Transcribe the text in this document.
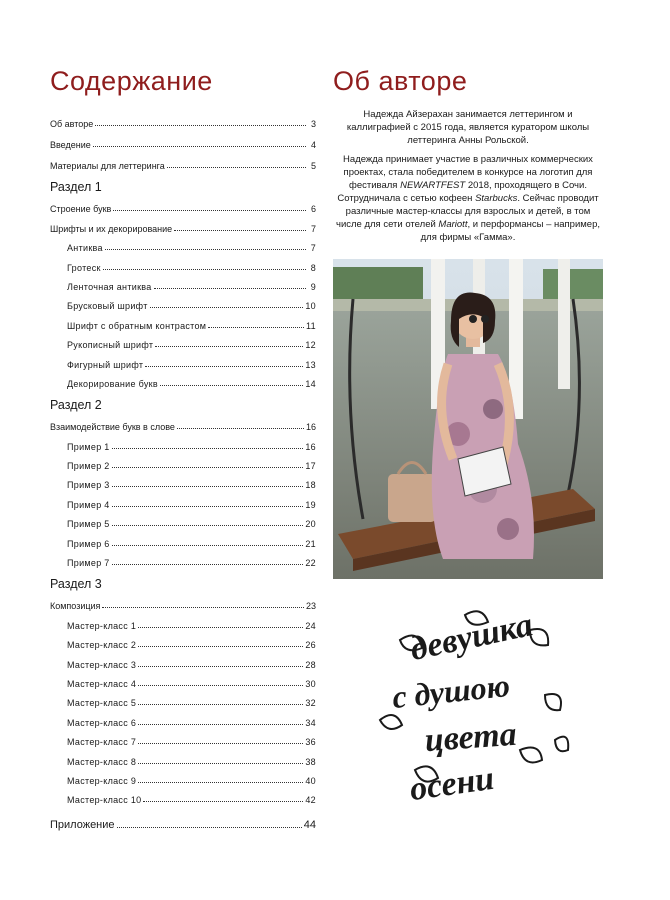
Содержание	Об авторе
Об авторе	3
Введение	4
Материалы для леттеринга	5
Раздел 1
Строение букв	6
Шрифты и их декорирование	7
Антиква	7
Гротеск	8
Ленточная антиква	9
Брусковый шрифт	10
Шрифт с обратным контрастом	11
Рукописный шрифт	12
Фигурный шрифт	13
Декорирование букв	14
Раздел 2
Взаимодействие букв в слове	16
Пример 1	16
Пример 2	17
Пример 3	18
Пример 4	19
Пример 5	20
Пример 6	21
Пример 7	22
Раздел 3
Композиция	23
Мастер-класс 1	24
Мастер-класс 2	26
Мастер-класс 3	28
Мастер-класс 4	30
Мастер-класс 5	32
Мастер-класс 6	34
Мастер-класс 7	36
Мастер-класс 8	38
Мастер-класс 9	40
Мастер-класс 10	42
Приложение	44

Надежда Айзерахан занимается леттерингом и каллиграфией с 2015 года, является куратором школы леттеринга Анны Рольской.

Надежда принимает участие в различных коммерческих проектах, стала победителем в конкурсе на логотип для фестиваля NEWARTFEST 2018, проходящего в Сочи. Сотрудничала с сетью кофеен Starbucks. Сейчас проводит различные мастер-классы для взрослых и детей, в том числе для сети отелей Mariott, и перформансы – например, для фирмы «Гамма».

девушка
с душою
цвета
осени
